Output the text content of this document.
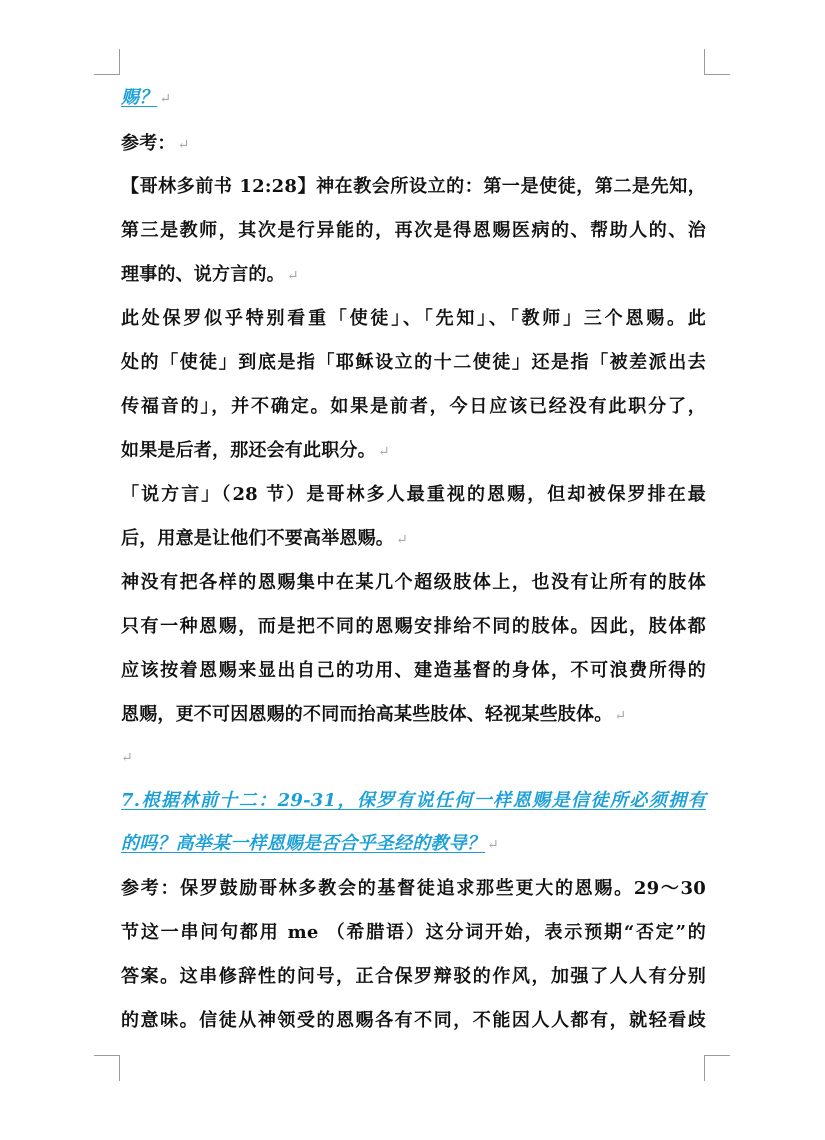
赐？ ↵
参考： ↵
【哥林多前书 12:28】神在教会所设立的：第一是使徒，第二是先知，
第三是教师，其次是行异能的，再次是得恩赐医病的、帮助人的、治
理事的、说方言的。 ↵
此处保罗似乎特别看重「使徒」、「先知」、「教师」三个恩赐。此
处的「使徒」到底是指「耶稣设立的十二使徒」还是指「被差派出去
传福音的」，并不确定。如果是前者，今日应该已经没有此职分了，
如果是后者，那还会有此职分。 ↵
「说方言」（28 节）是哥林多人最重视的恩赐，但却被保罗排在最
后，用意是让他们不要高举恩赐。 ↵
神没有把各样的恩赐集中在某几个超级肢体上，也没有让所有的肢体
只有一种恩赐，而是把不同的恩赐安排给不同的肢体。因此，肢体都
应该按着恩赐来显出自己的功用、建造基督的身体，不可浪费所得的
恩赐，更不可因恩赐的不同而抬高某些肢体、轻视某些肢体。 ↵
↵
7.根据林前十二：29-31，保罗有说任何一样恩赐是信徒所必须拥有
的吗？高举某一样恩赐是否合乎圣经的教导？ ↵
参考：保罗鼓励哥林多教会的基督徒追求那些更大的恩赐。29～30
节这一串问句都用 me （希腊语）这分词开始，表示预期“否定”的
答案。这串修辞性的问号，正合保罗辩驳的作风，加强了人人有分别
的意味。信徒从神领受的恩赐各有不同，不能因人人都有，就轻看歧
